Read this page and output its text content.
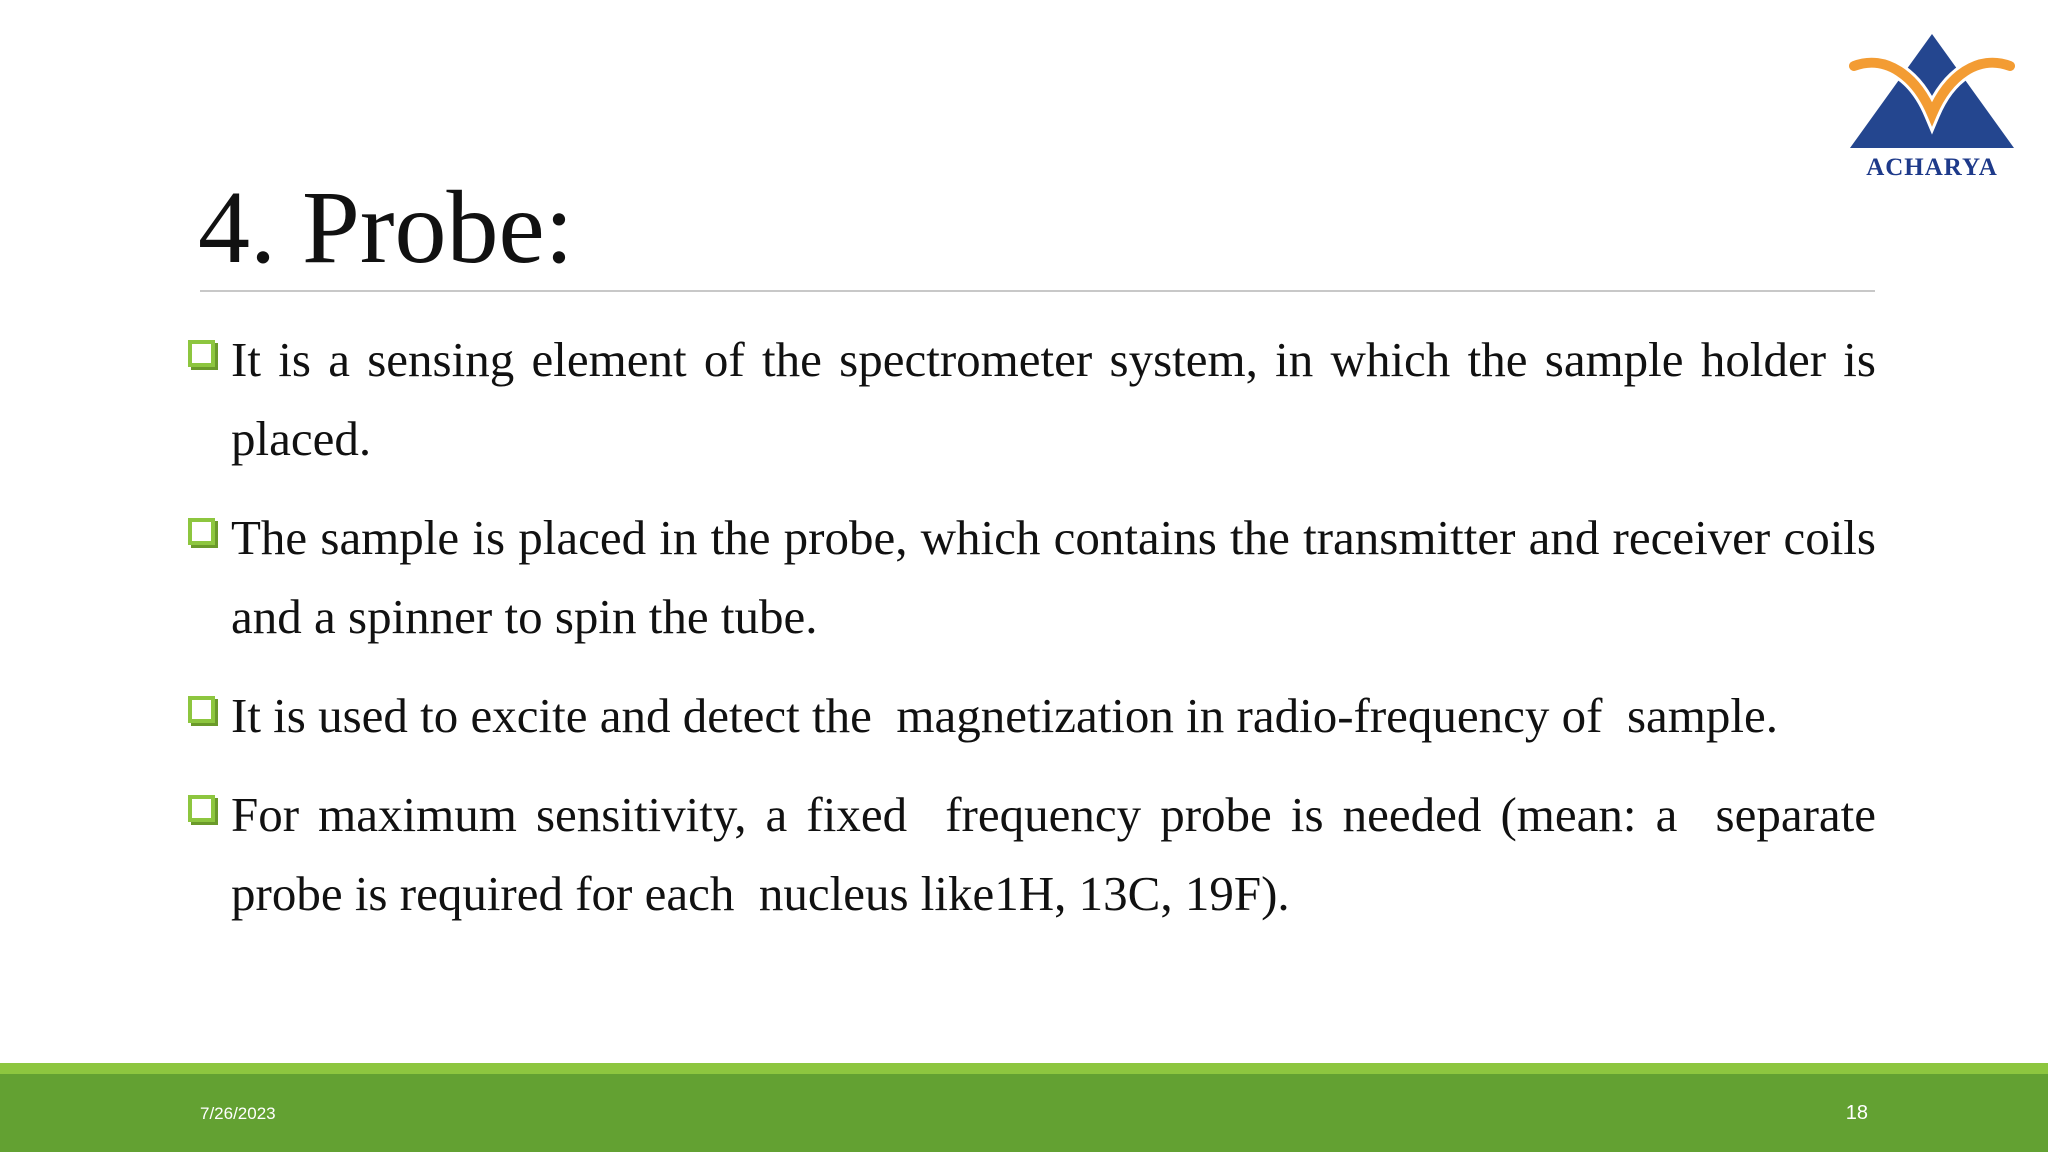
ACHARYA
4. Probe:
It is a sensing element of the spectrometer system, in which the sample holder is placed.
The sample is placed in the probe, which contains the transmitter and receiver coils and a spinner to spin the tube.
It is used to excite and detect the  magnetization in radio-frequency of  sample.
For maximum sensitivity, a fixed  frequency probe is needed (mean: a  separate probe is required for each  nucleus like1H, 13C, 19F).
7/26/2023	18
